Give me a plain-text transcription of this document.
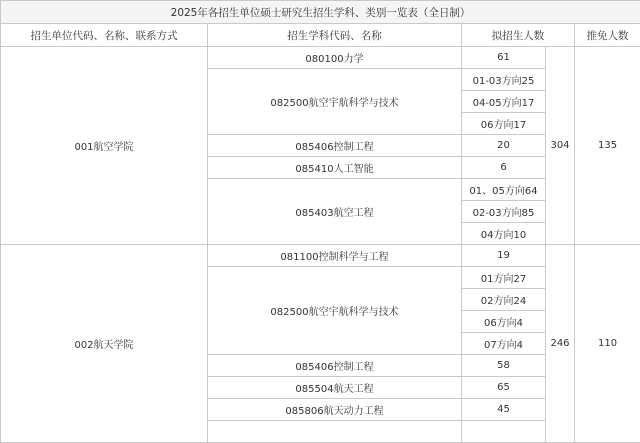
2025年各招生单位硕士研究生招生学科、类别一览表（全日制）				
招生单位代码、名称、联系方式	招生学科代码、名称	拟招生人数		推免人数
001航空学院	080100力学	61	304	135
	082500航空宇航科学与技术	01-03方向25		
		04-05方向17		
		06方向17		
	085406控制工程	20		
	085410人工智能	6		
	085403航空工程	01、05方向64		
		02-03方向85		
		04方向10		
002航天学院	081100控制科学与工程	19	246	110
	082500航空宇航科学与技术	01方向27		
		02方向24		
		06方向4		
		07方向4		
	085406控制工程	58		
	085504航天工程	65		
	085806航天动力工程	45		
